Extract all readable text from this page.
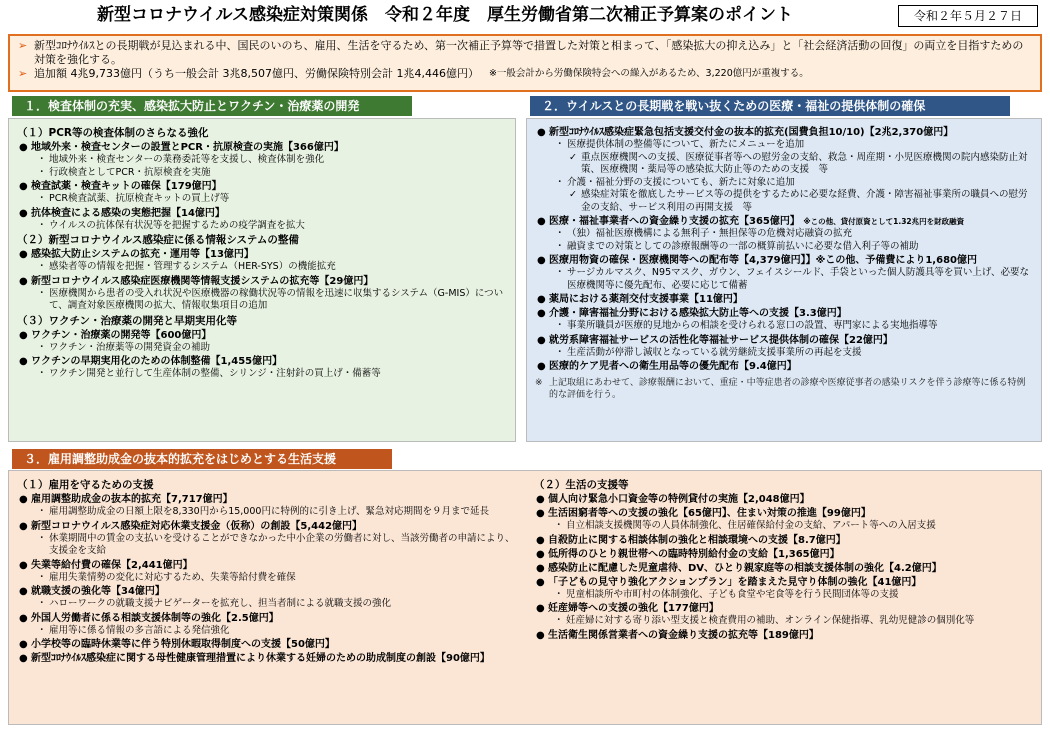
新型コロナウイルス感染症対策関係　令和２年度　厚生労働省第二次補正予算案のポイント	令和２年５月２７日
➢ 新型ｺﾛﾅｳｲﾙｽとの長期戦が見込まれる中、国民のいのち、雇用、生活を守るため、第一次補正予算等で措置した対策と相まって、「感染拡大の抑え込み」と「社会経済活動の回復」の両立を目指すための対策を強化する。
➢ 追加額 4兆9,733億円（うち一般会計 3兆8,507億円、労働保険特別会計 1兆4,446億円） ※一般会計から労働保険特会への繰入があるため、3,220億円が重複する。
１．検査体制の充実、感染拡大防止とワクチン・治療薬の開発
（１）PCR等の検査体制のさらなる強化
● 地域外来・検査センターの設置とPCR・抗原検査の実施【366億円】
・ 地域外来・検査センターの業務委託等を支援し、検査体制を強化
・ 行政検査としてPCR・抗原検査を実施
● 検査試薬・検査キットの確保【179億円】
・ PCR検査試薬、抗原検査キットの買上げ等
● 抗体検査による感染の実態把握【14億円】
・ ウイルスの抗体保有状況等を把握するための疫学調査を拡大
（２）新型コロナウイルス感染症に係る情報システムの整備
● 感染拡大防止システムの拡充・運用等【13億円】
・ 感染者等の情報を把握・管理するシステム（HER-SYS）の機能拡充
● 新型コロナウイルス感染症医療機関等情報支援システムの拡充等【29億円】
・ 医療機関から患者の受入れ状況や医療機器の稼働状況等の情報を迅速に収集するシステム（G-MIS）について、調査対象医療機関の拡大、情報収集項目の追加
（３）ワクチン・治療薬の開発と早期実用化等
● ワクチン・治療薬の開発等【600億円】
・ ワクチン・治療薬等の開発資金の補助
● ワクチンの早期実用化のための体制整備【1,455億円】
・ ワクチン開発と並行して生産体制の整備、シリンジ・注射針の買上げ・備蓄等
２．ウイルスとの長期戦を戦い抜くための医療・福祉の提供体制の確保
● 新型ｺﾛﾅｳｲﾙｽ感染症緊急包括支援交付金の抜本的拡充(国費負担10/10)【2兆2,370億円】
・ 医療提供体制の整備等について、新たにメニューを追加
✓ 重点医療機関への支援、医療従事者等への慰労金の支給、救急・周産期・小児医療機関の院内感染防止対策、医療機関・薬局等の感染拡大防止等のための支援　等
・ 介護・福祉分野の支援についても、新たに対象に追加
✓ 感染症対策を徹底したサービス等の提供をするために必要な経費、介護・障害福祉事業所の職員への慰労金の支給、サービス利用の再開支援　等
● 医療・福祉事業者への資金繰り支援の拡充【365億円】 ※この他、貸付原資として1.32兆円を財政融資
・ （独）福祉医療機構による無利子・無担保等の危機対応融資の拡充
・ 融資までの対策としての診療報酬等の一部の概算前払いに必要な借入利子等の補助
● 医療用物資の確保・医療機関等への配布等【4,379億円】】※この他、予備費により1,680億円
・ サージカルマスク、N95マスク、ガウン、フェイスシールド、手袋といった個人防護具等を買い上げ、必要な医療機関等に優先配布、必要に応じて備蓄
● 薬局における薬剤交付支援事業【11億円】
● 介護・障害福祉分野における感染拡大防止等への支援【3.3億円】
・ 事業所職員が医療的見地からの相談を受けられる窓口の設置、専門家による実地指導等
● 就労系障害福祉サービスの活性化等福祉サービス提供体制の確保【22億円】
・ 生産活動が停滞し減収となっている就労継続支援事業所の再起を支援
● 医療的ケア児者への衛生用品等の優先配布【9.4億円】
※ 上記取組にあわせて、診療報酬において、重症・中等症患者の診療や医療従事者の感染リスクを伴う診療等に係る特例的な評価を行う。
３．雇用調整助成金の抜本的拡充をはじめとする生活支援
（１）雇用を守るための支援
● 雇用調整助成金の抜本的拡充【7,717億円】
・ 雇用調整助成金の日額上限を8,330円から15,000円に特例的に引き上げ、緊急対応期間を９月まで延長
● 新型コロナウイルス感染症対応休業支援金（仮称）の創設【5,442億円】
・ 休業期間中の賃金の支払いを受けることができなかった中小企業の労働者に対し、当該労働者の申請により、支援金を支給
● 失業等給付費の確保【2,441億円】
・ 雇用失業情勢の変化に対応するため、失業等給付費を確保
● 就職支援の強化等【34億円】
・ ハローワークの就職支援ナビゲーターを拡充し、担当者制による就職支援の強化
● 外国人労働者に係る相談支援体制等の強化【2.5億円】
・ 雇用等に係る情報の多言語による発信強化
● 小学校等の臨時休業等に伴う特別休暇取得制度への支援【50億円】
（２）生活の支援等
● 個人向け緊急小口資金等の特例貸付の実施【2,048億円】
● 生活困窮者等への支援の強化【65億円】、住まい対策の推進【99億円】
・ 自立相談支援機関等の人員体制強化、住居確保給付金の支給、アパート等への入居支援
● 自殺防止に関する相談体制の強化と相談環境への支援【8.7億円】
● 低所得のひとり親世帯への臨時特別給付金の支給【1,365億円】
● 感染防止に配慮した児童虐待、DV、ひとり親家庭等の相談支援体制の強化【4.2億円】
● 「子どもの見守り強化アクションプラン」を踏まえた見守り体制の強化【41億円】
・ 児童相談所や市町村の体制強化、子ども食堂や宅食等を行う民間団体等の支援
● 妊産婦等への支援の強化【177億円】
・ 妊産婦に対する寄り添い型支援と検査費用の補助、オンライン保健指導、乳幼児健診の個別化等
● 生活衛生関係営業者への資金繰り支援の拡充等【189億円】
● 新型ｺﾛﾅｳｲﾙｽ感染症に関する母性健康管理措置により休業する妊婦のための助成制度の創設【90億円】
